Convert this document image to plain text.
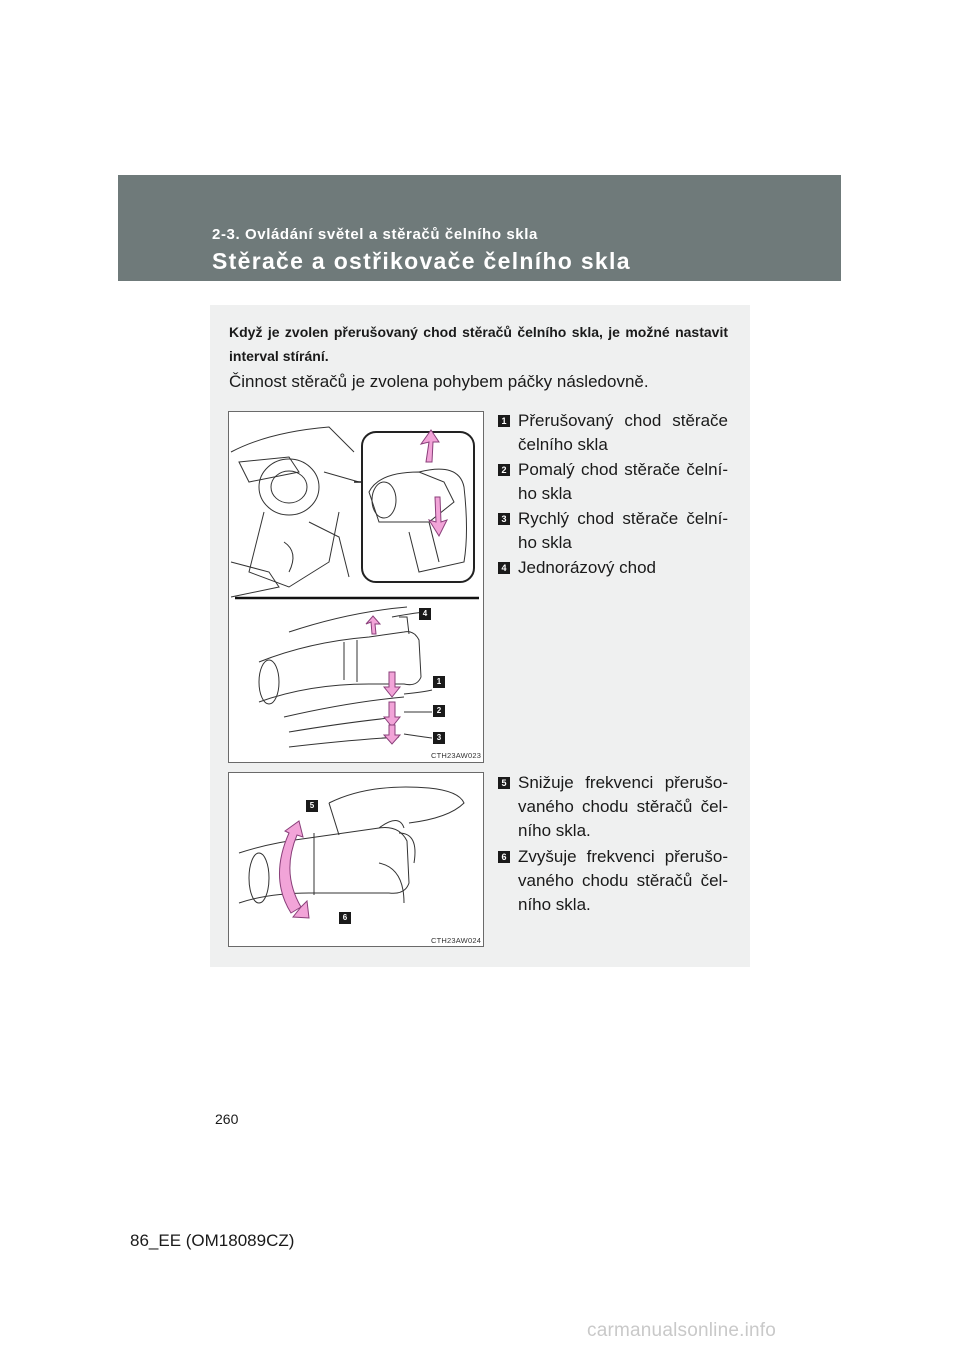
2-3. Ovládání světel a stěračů čelního skla
Stěrače a ostřikovače čelního skla
Když je zvolen přerušovaný chod stěračů čelního skla, je možné nastavit interval stírání.
Činnost stěračů je zvolena pohybem páčky následovně.
4
1
2
3
CTH23AW023
5
6
CTH23AW024
1 Přerušovaný chod stěrače čelního skla
2 Pomalý chod stěrače čelní-ho skla
3 Rychlý chod stěrače čelní-ho skla
4 Jednorázový chod
5 Snižuje frekvenci přerušo-vaného chodu stěračů čel-ního skla.
6 Zvyšuje frekvenci přerušo-vaného chodu stěračů čel-ního skla.
260
86_EE (OM18089CZ)
carmanualsonline.info
